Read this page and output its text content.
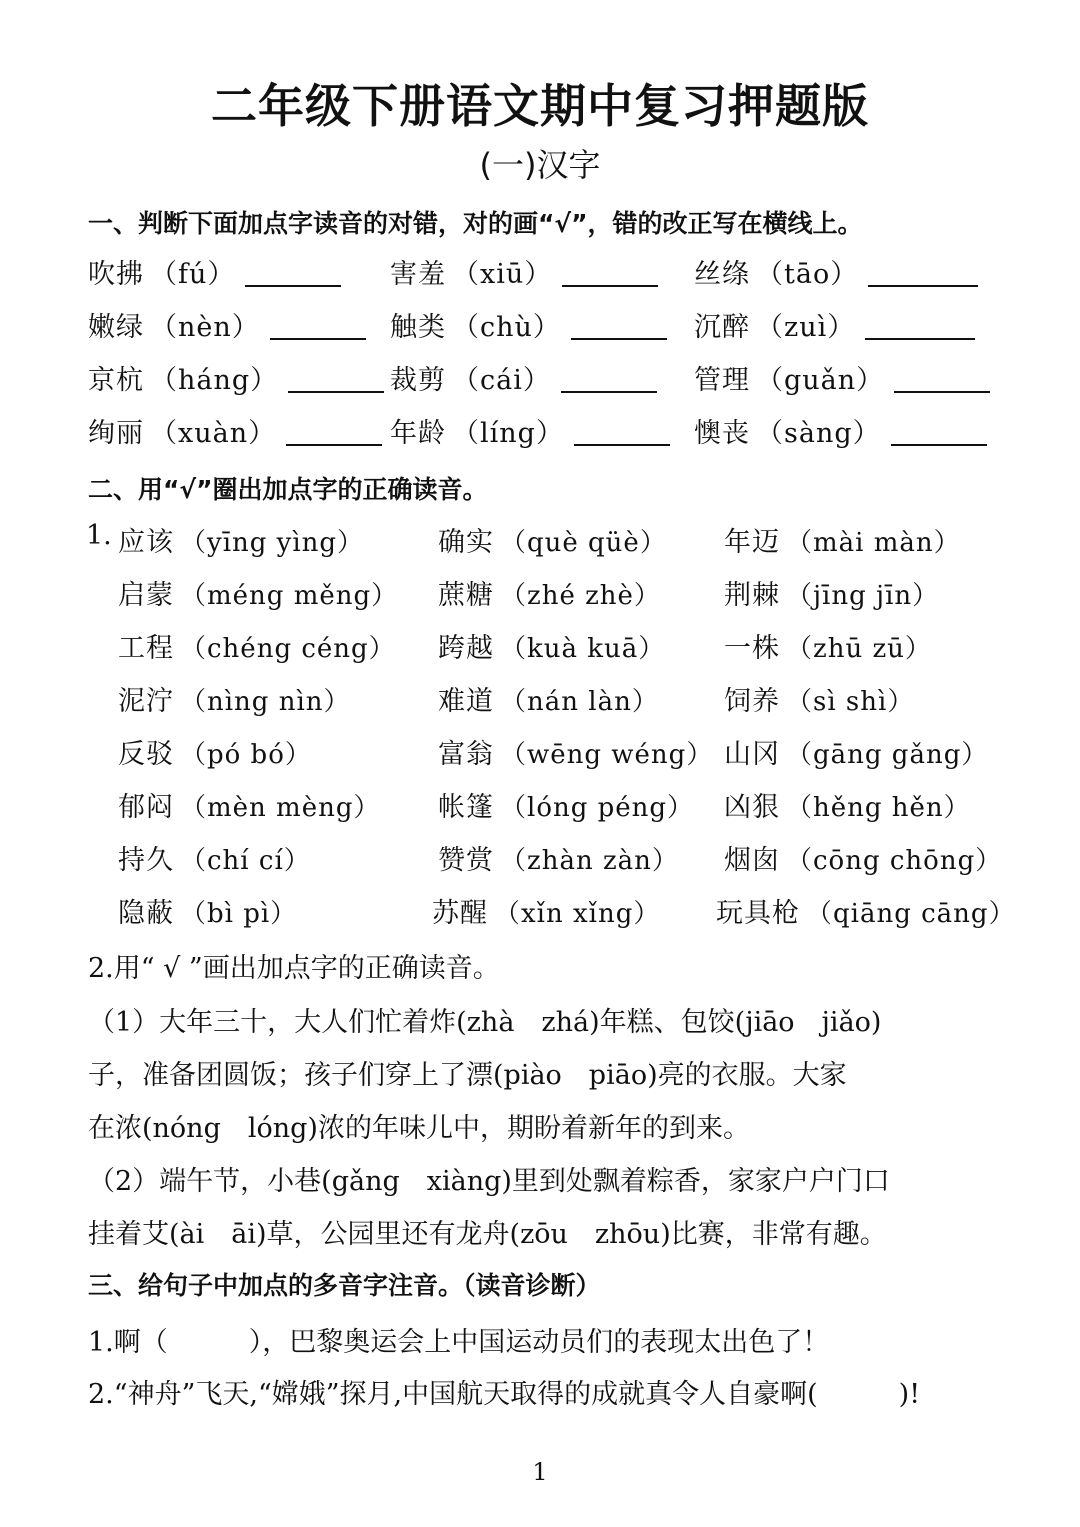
二年级下册语文期中复习押题版
(一)汉字
一、判断下面加点字读音的对错，对的画“√”，错的改正写在横线上。
吹拂 （fú）	害羞 （xiū）	丝绦 （tāo）
嫩绿 （nèn）	触类 （chù）	沉醉 （zuì）
京杭 （háng）	裁剪 （cái）	管理 （guǎn）
绚丽 （xuàn）	年龄 （líng）	懊丧 （sàng）
二、用“√”圈出加点字的正确读音。
1. 应该 （yīng yìng）	确实 （què qüè） 年迈 （mài màn）
启蒙 （méng měng） 蔗糖 （zhé zhè） 荆棘 （jīng jīn）
工程 （chéng céng） 跨越 （kuà kuā） 一株 （zhū zū）
泥泞 （nìng nìn）	难道 （nán làn） 饲养 （sì shì）
反驳 （pó bó）	富翁 （wēng wéng） 山冈 （gāng gǎng）
郁闷 （mèn mèng） 帐篷 （lóng péng） 凶狠 （hěng hěn）
持久 （chí cí）	赞赏 （zhàn zàn） 烟囱 （cōng chōng）
隐蔽 （bì pì）	苏醒 （xǐn xǐng） 玩具枪 （qiāng cāng）
2.用“ √ ”画出加点字的正确读音。
（1）大年三十，大人们忙着炸(zhà　zhá)年糕、包饺(jiāo　jiǎo)
子，准备团圆饭；孩子们穿上了漂(piào　piāo)亮的衣服。大家
在浓(nóng　lóng)浓的年味儿中，期盼着新年的到来。
（2）端午节，小巷(gǎng　xiàng)里到处飘着粽香，家家户户门口
挂着艾(ài　āi)草，公园里还有龙舟(zōu　zhōu)比赛，非常有趣。
三、给句子中加点的多音字注音。（读音诊断）
1.啊（　　　），巴黎奥运会上中国运动员们的表现太出色了！
2.“神舟”飞天,“嫦娥”探月,中国航天取得的成就真令人自豪啊(　　　)!
1
